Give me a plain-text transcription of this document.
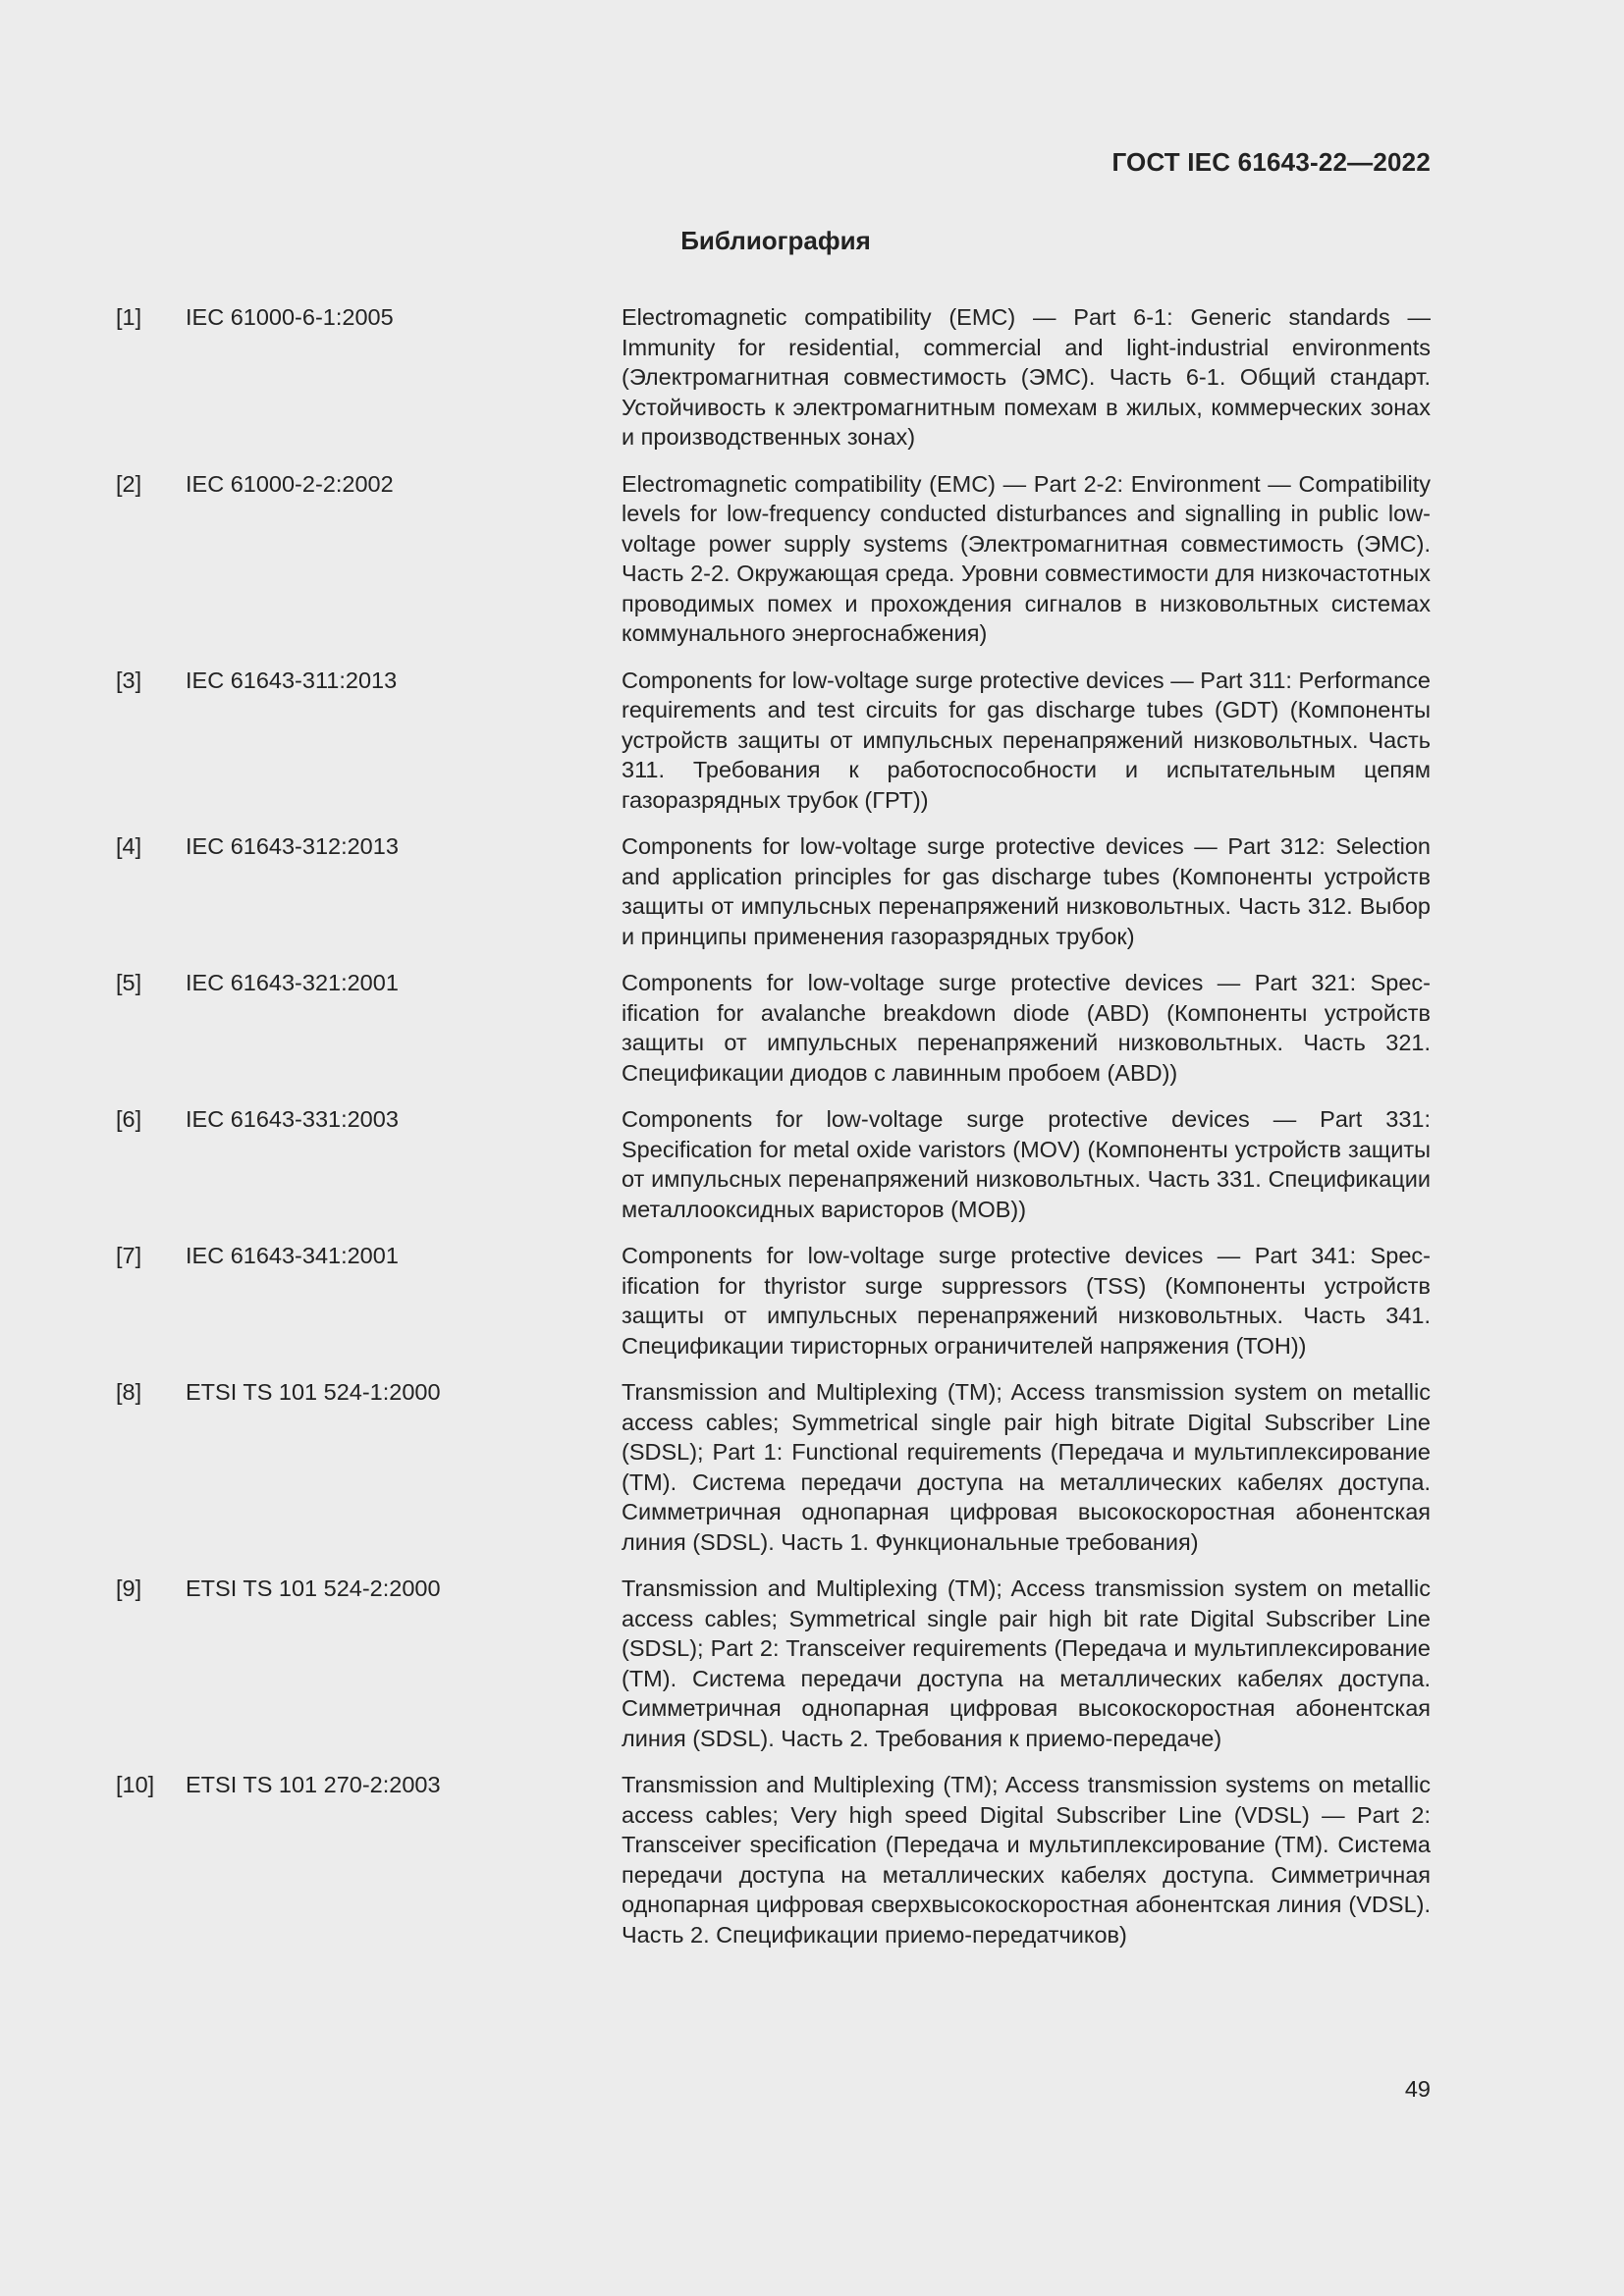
ГОСТ IEC 61643-22—2022
Библиография
[1]	IEC 61000-6-1:2005	Electromagnetic compatibility (EMC) — Part 6-1: Generic standards — Immunity for residential, commercial and light-industrial environments (Электромагнитная совместимость (ЭМС). Часть 6-1. Общий стандарт. Устойчивость к электромагнитным помехам в жилых, коммерческих зонах и производственных зонах)
[2]	IEC 61000-2-2:2002	Electromagnetic compatibility (EMC) — Part 2-2: Environment — Compatibility levels for low-frequency conducted disturbances and signalling in public low-voltage power supply systems (Электромагнитная совместимость (ЭМС). Часть 2-2. Окружающая среда. Уровни совместимости для низкочастотных проводимых помех и прохождения сигналов в низковольтных системах коммунального энергоснабжения)
[3]	IEC 61643-311:2013	Components for low-voltage surge protective devices — Part 311: Performance requirements and test circuits for gas discharge tubes (GDT) (Компоненты устройств защиты от импульсных перенапряжений низковольтных. Часть 311. Требования к работоспособности и испытательным цепям газоразрядных трубок (ГРТ))
[4]	IEC 61643-312:2013	Components for low-voltage surge protective devices — Part 312: Selection and application principles for gas discharge tubes (Компоненты устройств защиты от импульсных перенапряжений низковольтных. Часть 312. Выбор и принципы применения газоразрядных трубок)
[5]	IEC 61643-321:2001	Components for low-voltage surge protective devices — Part 321: Specification for avalanche breakdown diode (ABD) (Компоненты устройств защиты от импульсных перенапряжений низковольтных. Часть 321. Спецификации диодов с лавинным пробоем (ABD))
[6]	IEC 61643-331:2003	Components for low-voltage surge protective devices — Part 331: Specification for metal oxide varistors (MOV) (Компоненты устройств защиты от импульсных перенапряжений низковольтных. Часть 331. Спецификации металлооксидных варисторов (МОВ))
[7]	IEC 61643-341:2001	Components for low-voltage surge protective devices — Part 341: Specification for thyristor surge suppressors (TSS) (Компоненты устройств защиты от импульсных перенапряжений низковольтных. Часть 341. Спецификации тиристорных ограничителей напряжения (ТОН))
[8]	ETSI TS 101 524-1:2000	Transmission and Multiplexing (TM); Access transmission system on metallic access cables; Symmetrical single pair high bitrate Digital Subscriber Line (SDSL); Part 1: Functional requirements (Передача и мультиплексирование (ТМ). Система передачи доступа на металлических кабелях доступа. Симметричная однопарная цифровая высокоскоростная абонентская линия (SDSL). Часть 1. Функциональные требования)
[9]	ETSI TS 101 524-2:2000	Transmission and Multiplexing (TM); Access transmission system on metallic access cables; Symmetrical single pair high bit rate Digital Subscriber Line (SDSL); Part 2: Transceiver requirements (Передача и мультиплексирование (ТМ). Система передачи доступа на металлических кабелях доступа. Симметричная однопарная цифровая высокоскоростная абонентская линия (SDSL). Часть 2. Требования к приемо-передаче)
[10]	ETSI TS 101 270-2:2003	Transmission and Multiplexing (TM); Access transmission systems on metallic access cables; Very high speed Digital Subscriber Line (VDSL) — Part 2: Transceiver specification (Передача и мультиплексирование (ТМ). Система передачи доступа на металлических кабелях доступа. Симметричная однопарная цифровая сверхвысокоскоростная абонентская линия (VDSL). Часть 2. Спецификации приемо-передатчиков)
49
